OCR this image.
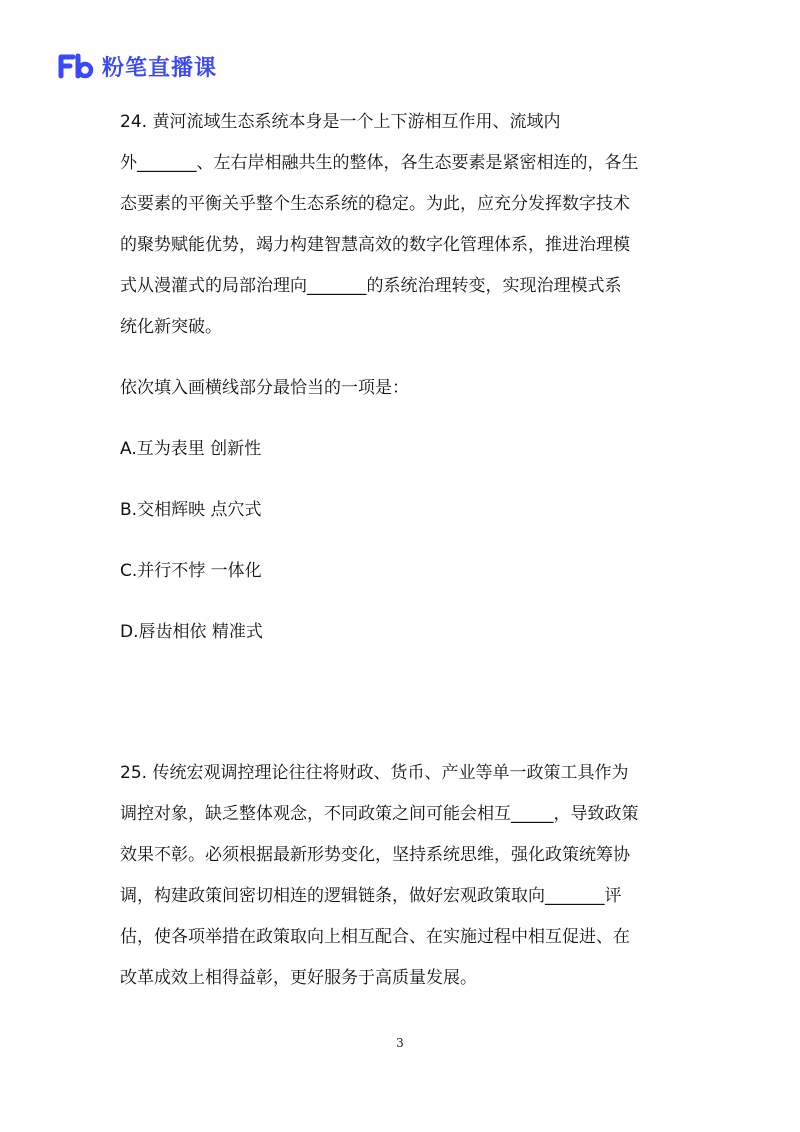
粉笔直播课
24. 黄河流域生态系统本身是一个上下游相互作用、流域内
外_______、左右岸相融共生的整体，各生态要素是紧密相连的，各生
态要素的平衡关乎整个生态系统的稳定。为此，应充分发挥数字技术
的聚势赋能优势，竭力构建智慧高效的数字化管理体系，推进治理模
式从漫灌式的局部治理向_______的系统治理转变，实现治理模式系
统化新突破。
依次填入画横线部分最恰当的一项是：
A.互为表里 创新性
B.交相辉映 点穴式
C.并行不悖 一体化
D.唇齿相依 精准式
25. 传统宏观调控理论往往将财政、货币、产业等单一政策工具作为
调控对象，缺乏整体观念，不同政策之间可能会相互_____，导致政策
效果不彰。必须根据最新形势变化，坚持系统思维，强化政策统筹协
调，构建政策间密切相连的逻辑链条，做好宏观政策取向_______评
估，使各项举措在政策取向上相互配合、在实施过程中相互促进、在
改革成效上相得益彰，更好服务于高质量发展。
3
